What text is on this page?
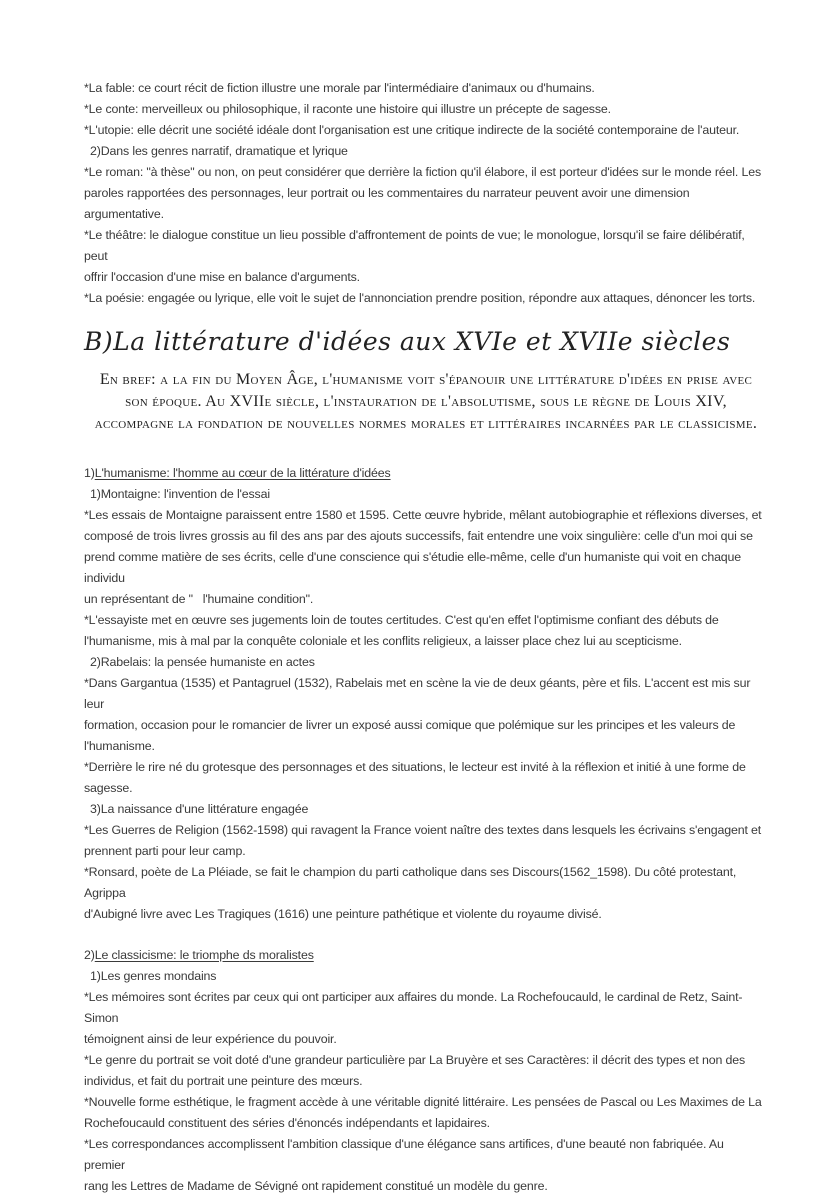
*La fable: ce court récit de fiction illustre une morale par l'intermédiaire d'animaux ou d'humains.
*Le conte: merveilleux ou philosophique, il raconte une histoire qui illustre un précepte de sagesse.
*L'utopie: elle décrit une société idéale dont l'organisation est une critique indirecte de la société contemporaine de l'auteur.
2)Dans les genres narratif, dramatique et lyrique
*Le roman: "à thèse" ou non, on peut considérer que derrière la fiction qu'il élabore, il est porteur d'idées sur le monde réel. Les
paroles rapportées des personnages, leur portrait ou les commentaires du narrateur peuvent avoir une dimension argumentative.
*Le théâtre: le dialogue constitue un lieu possible d'affrontement de points de vue; le monologue, lorsqu'il se faire délibératif, peut
offrir l'occasion d'une mise en balance d'arguments.
*La poésie: engagée ou lyrique, elle voit le sujet de l'annonciation prendre position, répondre aux attaques, dénoncer les torts.
B)La littérature d'idées aux XVIe et XVIIe siècles
En bref: a la fin du Moyen Âge, l'humanisme voit s'épanouir une littérature d'idées en prise avec son époque. Au XVIIe siècle, l'instauration de l'absolutisme, sous le règne de Louis XIV, accompagne la fondation de nouvelles normes morales et littéraires incarnées par le classicisme.
1)L'humanisme: l'homme au cœur de la littérature d'idées
1)Montaigne: l'invention de l'essai
*Les essais de Montaigne paraissent entre 1580 et 1595. Cette œuvre hybride, mêlant autobiographie et réflexions diverses, et
composé de trois livres grossis au fil des ans par des ajouts successifs, fait entendre une voix singulière: celle d'un moi qui se
prend comme matière de ses écrits, celle d'une conscience qui s'étudie elle-même, celle d'un humaniste qui voit en chaque individu
un représentant de "   l'humaine condition".
*L'essayiste met en œuvre ses jugements loin de toutes certitudes. C'est qu'en effet l'optimisme confiant des débuts de
l'humanisme, mis à mal par la conquête coloniale et les conflits religieux, a laisser place chez lui au scepticisme.
2)Rabelais: la pensée humaniste en actes
*Dans Gargantua (1535) et Pantagruel (1532), Rabelais met en scène la vie de deux géants, père et fils. L'accent est mis sur leur
formation, occasion pour le romancier de livrer un exposé aussi comique que polémique sur les principes et les valeurs de
l'humanisme.
*Derrière le rire né du grotesque des personnages et des situations, le lecteur est invité à la réflexion et initié à une forme de
sagesse.
3)La naissance d'une littérature engagée
*Les Guerres de Religion (1562-1598) qui ravagent la France voient naître des textes dans lesquels les écrivains s'engagent et
prennent parti pour leur camp.
*Ronsard, poète de La Pléiade, se fait le champion du parti catholique dans ses Discours(1562_1598). Du côté protestant, Agrippa
d'Aubigné livre avec Les Tragiques (1616) une peinture pathétique et violente du royaume divisé.
2)Le classicisme: le triomphe ds moralistes
1)Les genres mondains
*Les mémoires sont écrites par ceux qui ont participer aux affaires du monde. La Rochefoucauld, le cardinal de Retz, Saint-Simon
témoignent ainsi de leur expérience du pouvoir.
*Le genre du portrait se voit doté d'une grandeur particulière par La Bruyère et ses Caractères: il décrit des types et non des
individus, et fait du portrait une peinture des mœurs.
*Nouvelle forme esthétique, le fragment accède à une véritable dignité littéraire. Les pensées de Pascal ou Les Maximes de La
Rochefoucauld constituent des séries d'énoncés indépendants et lapidaires.
*Les correspondances accomplissent l'ambition classique d'une élégance sans artifices, d'une beauté non fabriquée. Au premier
rang les Lettres de Madame de Sévigné ont rapidement constitué un modèle du genre.
